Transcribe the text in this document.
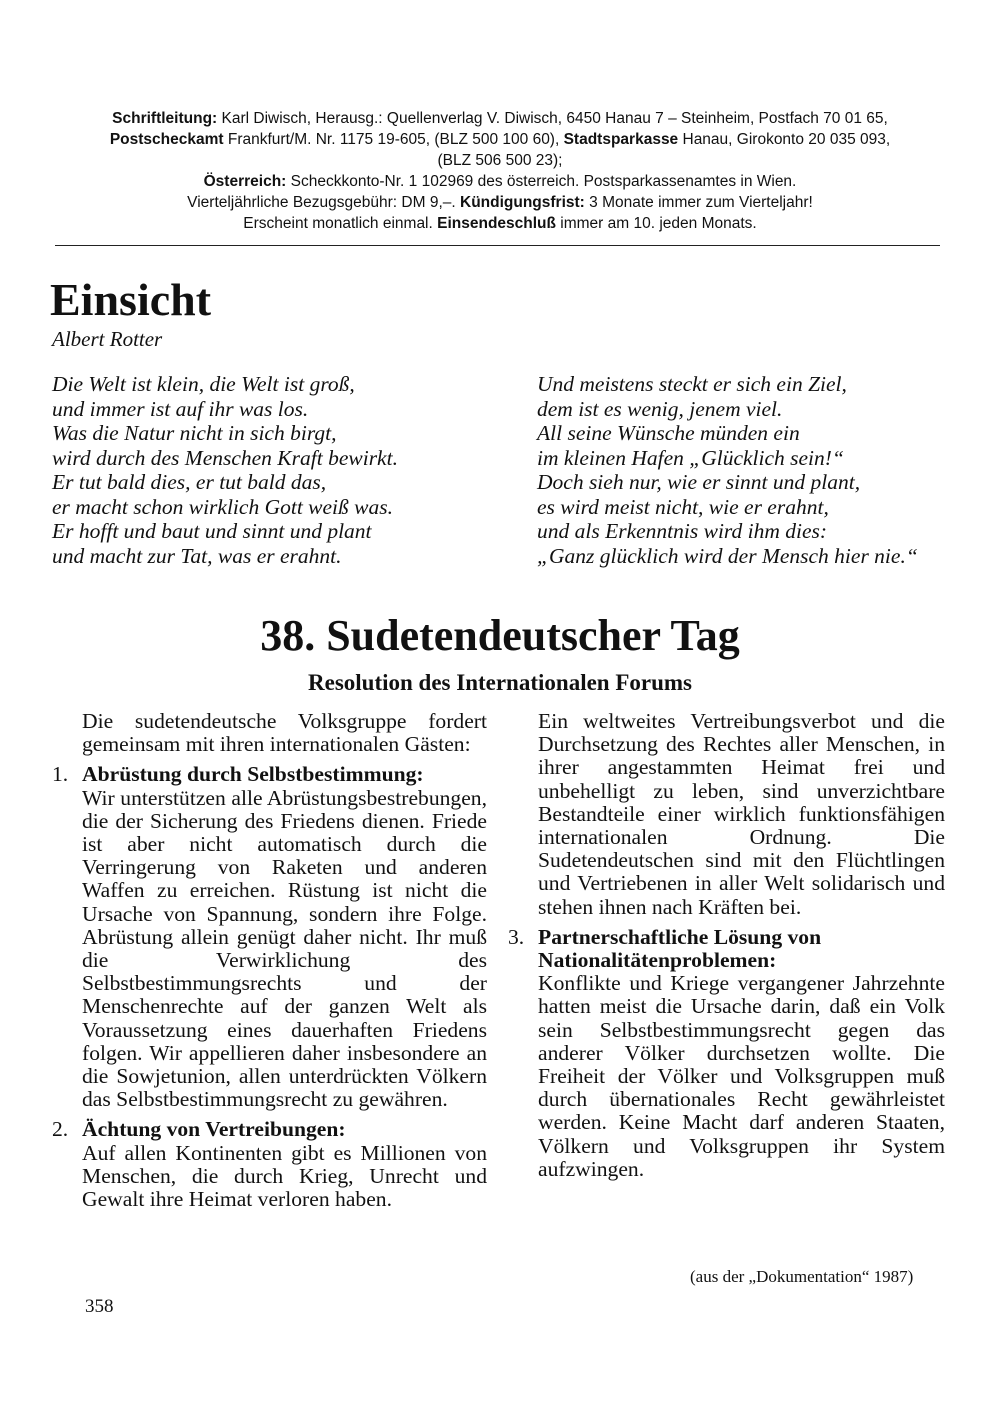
Schriftleitung: Karl Diwisch, Herausg.: Quellenverlag V. Diwisch, 6450 Hanau 7 – Steinheim, Postfach 70 01 65,
Postscheckamt Frankfurt/M. Nr. 1175 19-605, (BLZ 500 100 60), Stadtsparkasse Hanau, Girokonto 20 035 093,
(BLZ 506 500 23);
Österreich: Scheckkonto-Nr. 1 102969 des österreich. Postsparkassenamtes in Wien.
Vierteljährliche Bezugsgebühr: DM 9,–. Kündigungsfrist: 3 Monate immer zum Vierteljahr!
Erscheint monatlich einmal. Einsendeschluß immer am 10. jeden Monats.
Einsicht
Albert Rotter
Die Welt ist klein, die Welt ist groß,
und immer ist auf ihr was los.
Was die Natur nicht in sich birgt,
wird durch des Menschen Kraft bewirkt.
Er tut bald dies, er tut bald das,
er macht schon wirklich Gott weiß was.
Er hofft und baut und sinnt und plant
und macht zur Tat, was er erahnt.
Und meistens steckt er sich ein Ziel,
dem ist es wenig, jenem viel.
All seine Wünsche münden ein
im kleinen Hafen „Glücklich sein!“
Doch sieh nur, wie er sinnt und plant,
es wird meist nicht, wie er erahnt,
und als Erkenntnis wird ihm dies:
„Ganz glücklich wird der Mensch hier nie.“
38. Sudetendeutscher Tag
Resolution des Internationalen Forums
Die sudetendeutsche Volksgruppe fordert gemeinsam mit ihren internationalen Gästen:
1. Abrüstung durch Selbstbestimmung:
Wir unterstützen alle Abrüstungsbestrebungen, die der Sicherung des Friedens dienen. Friede ist aber nicht automatisch durch die Verringerung von Raketen und anderen Waffen zu erreichen. Rüstung ist nicht die Ursache von Spannung, sondern ihre Folge. Abrüstung allein genügt daher nicht. Ihr muß die Verwirklichung des Selbstbestimmungsrechts und der Menschenrechte auf der ganzen Welt als Voraussetzung eines dauerhaften Friedens folgen. Wir appellieren daher insbesondere an die Sowjetunion, allen unterdrückten Völkern das Selbstbestimmungsrecht zu gewähren.
2. Ächtung von Vertreibungen:
Auf allen Kontinenten gibt es Millionen von Menschen, die durch Krieg, Unrecht und Gewalt ihre Heimat verloren haben.
Ein weltweites Vertreibungsverbot und die Durchsetzung des Rechtes aller Menschen, in ihrer angestammten Heimat frei und unbehelligt zu leben, sind unverzichtbare Bestandteile einer wirklich funktionsfähigen internationalen Ordnung. Die Sudetendeutschen sind mit den Flüchtlingen und Vertriebenen in aller Welt solidarisch und stehen ihnen nach Kräften bei.
3. Partnerschaftliche Lösung von Nationalitätenproblemen:
Konflikte und Kriege vergangener Jahrzehnte hatten meist die Ursache darin, daß ein Volk sein Selbstbestimmungsrecht gegen das anderer Völker durchsetzen wollte. Die Freiheit der Völker und Volksgruppen muß durch übernationales Recht gewährleistet werden. Keine Macht darf anderen Staaten, Völkern und Volksgruppen ihr System aufzwingen.
(aus der „Dokumentation“ 1987)
358
